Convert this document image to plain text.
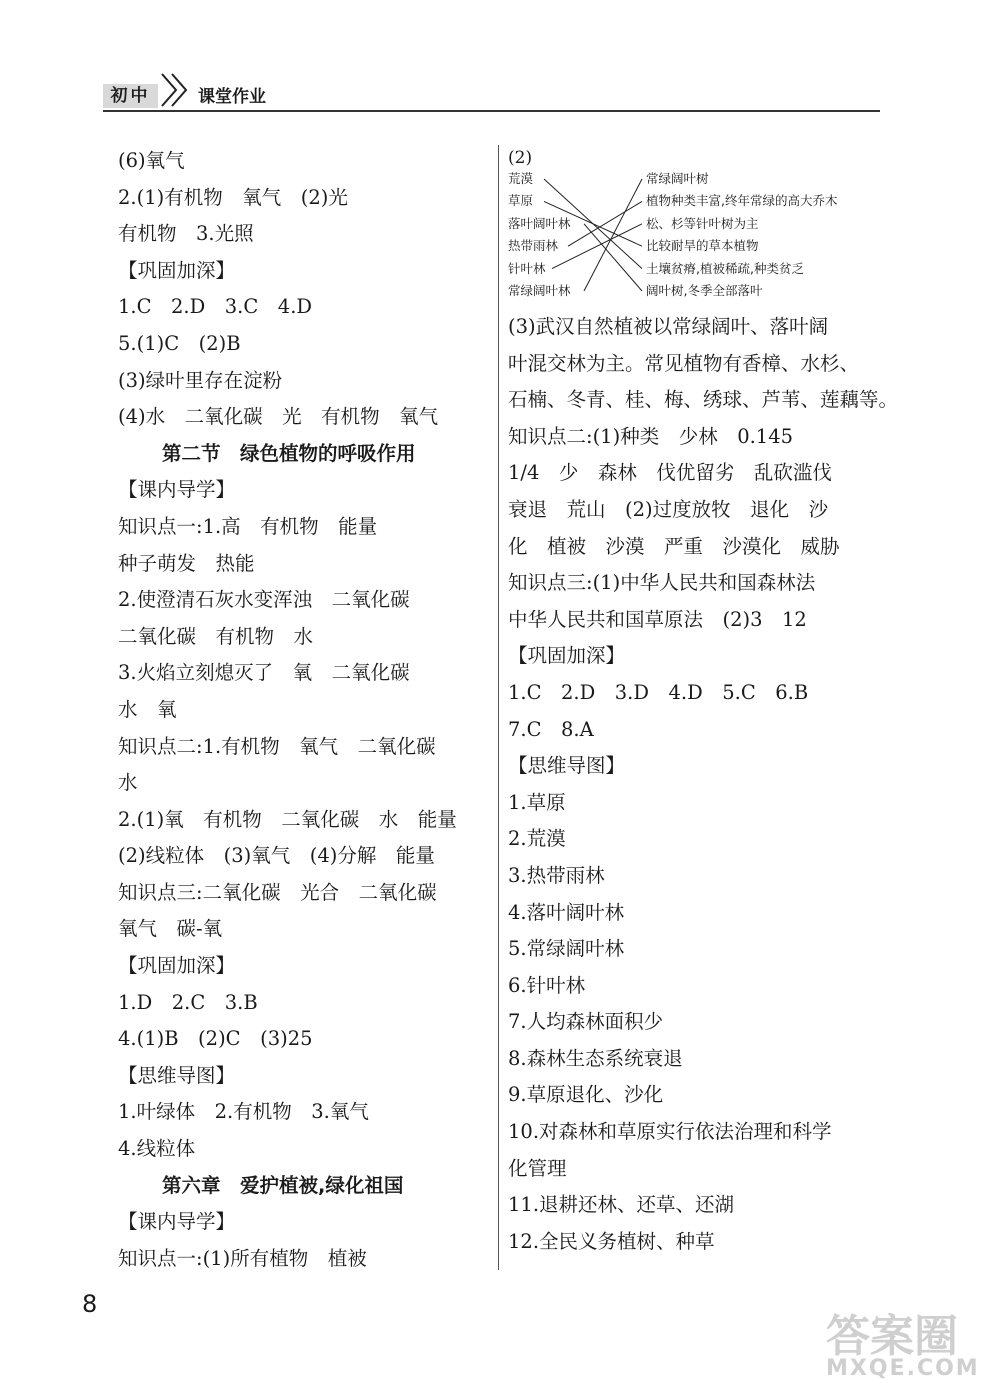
初中	课堂作业
(6)氧气
2.(1)有机物　氧气　(2)光
有机物　3.光照
【巩固加深】
1.C　2.D　3.C　4.D
5.(1)C　(2)B
(3)绿叶里存在淀粉
(4)水　二氧化碳　光　有机物　氧气
第二节　绿色植物的呼吸作用
【课内导学】
知识点一:1.高　有机物　能量
种子萌发　热能
2.使澄清石灰水变浑浊　二氧化碳
二氧化碳　有机物　水
3.火焰立刻熄灭了　氧　二氧化碳
水　氧
知识点二:1.有机物　氧气　二氧化碳
水
2.(1)氧　有机物　二氧化碳　水　能量
(2)线粒体　(3)氧气　(4)分解　能量
知识点三:二氧化碳　光合　二氧化碳
氧气　碳-氧
【巩固加深】
1.D　2.C　3.B
4.(1)B　(2)C　(3)25
【思维导图】
1.叶绿体　2.有机物　3.氧气
4.线粒体
第六章　爱护植被,绿化祖国
【课内导学】
知识点一:(1)所有植物　植被
(2)
荒漠
草原
落叶阔叶林
热带雨林
针叶林
常绿阔叶林
常绿阔叶树
植物种类丰富,终年常绿的高大乔木
松、杉等针叶树为主
比较耐旱的草本植物
土壤贫瘠,植被稀疏,种类贫乏
阔叶树,冬季全部落叶
(3)武汉自然植被以常绿阔叶、落叶阔
叶混交林为主。常见植物有香樟、水杉、
石楠、冬青、桂、梅、绣球、芦苇、莲藕等。
知识点二:(1)种类　少林　0.145
1/4　少　森林　伐优留劣　乱砍滥伐
衰退　荒山　(2)过度放牧　退化　沙
化　植被　沙漠　严重　沙漠化　威胁
知识点三:(1)中华人民共和国森林法
中华人民共和国草原法　(2)3　12
【巩固加深】
1.C　2.D　3.D　4.D　5.C　6.B
7.C　8.A
【思维导图】
1.草原
2.荒漠
3.热带雨林
4.落叶阔叶林
5.常绿阔叶林
6.针叶林
7.人均森林面积少
8.森林生态系统衰退
9.草原退化、沙化
10.对森林和草原实行依法治理和科学
化管理
11.退耕还林、还草、还湖
12.全民义务植树、种草
8
答案圈
MXQE.COM
